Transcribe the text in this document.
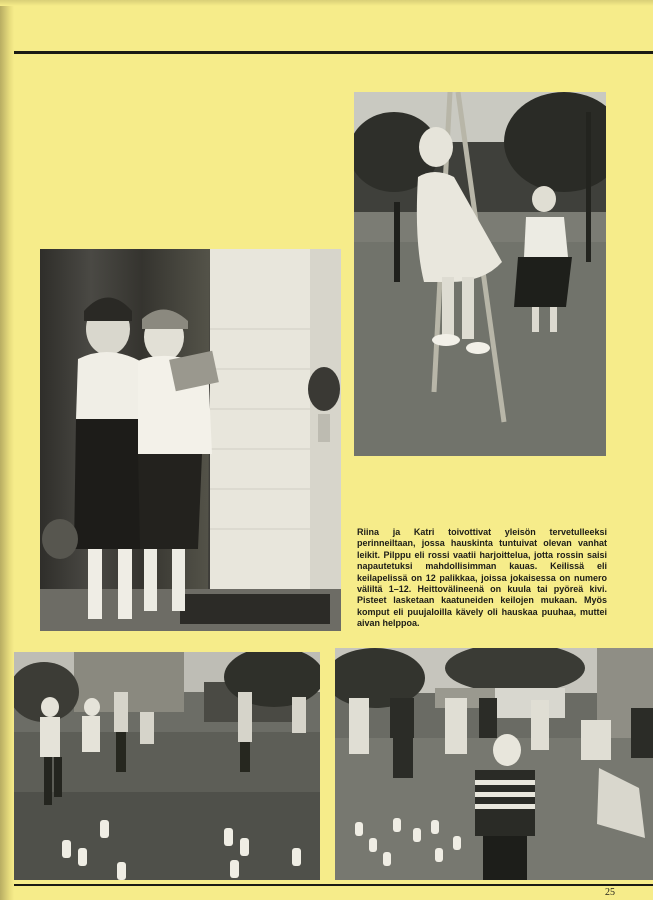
Riina ja Katri toivottivat yleisön tervetulleeksi perinneiltaan, jossa hauskinta tuntuivat olevan vanhat leikit. Pilppu eli rossi vaatii harjoittelua, jotta rossin saisi napautetuksi mahdollisimman kauas. Keilissä eli keilapelissä on 12 palikkaa, joissa jokaisessa on numero väliltä 1–12. Heittovälineenä on kuula tai pyöreä kivi. Pisteet lasketaan kaatuneiden keilojen mukaan. Myös komput eli puujaloilla kävely oli hauskaa puuhaa, muttei aivan helppoa.

25
